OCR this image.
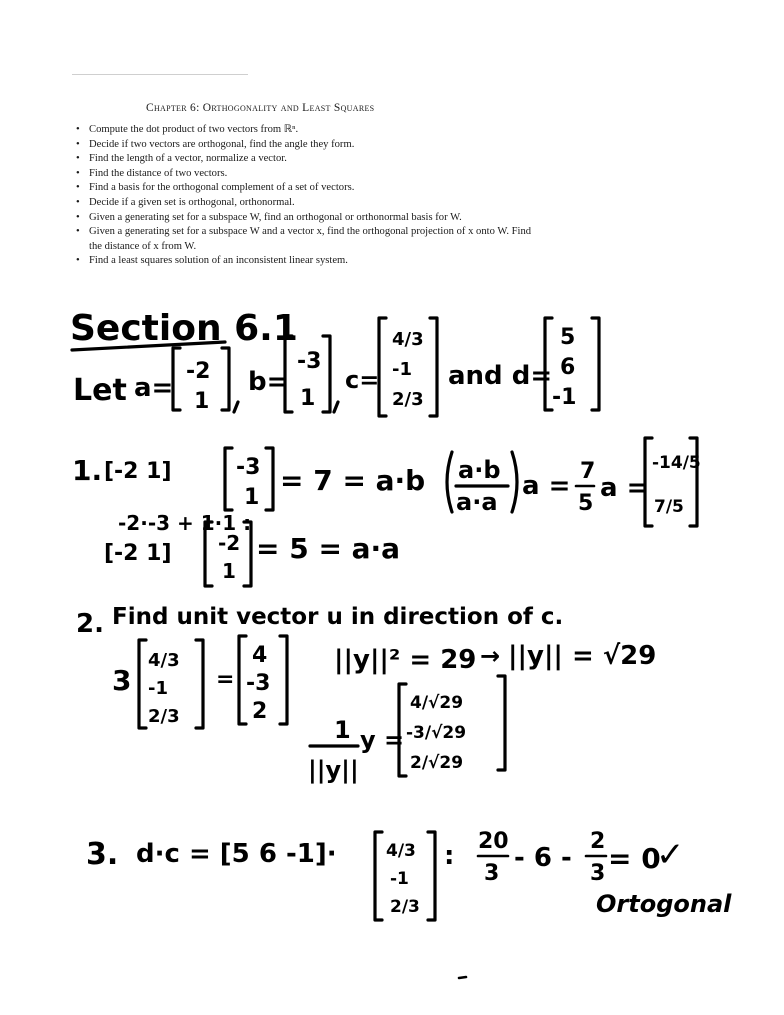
Chapter 6: Orthogonality and Least Squares
• Compute the dot product of two vectors from ℝⁿ.
• Decide if two vectors are orthogonal, find the angle they form.
• Find the length of a vector, normalize a vector.
• Find the distance of two vectors.
• Find a basis for the orthogonal complement of a set of vectors.
• Decide if a given set is orthogonal, orthonormal.
• Given a generating set for a subspace W, find an orthogonal or orthonormal basis for W.
• Given a generating set for a subspace W and a vector x, find the orthogonal projection of x onto W. Find the distance of x from W.
• Find a least squares solution of an inconsistent linear system.
Section 6.1
Let a=
-2
1
b=
-3
1
c=
4/3
-1
2/3
and d=
5
6
-1
1. [-2 1]	-3
1
= 7 = a·b
-2·-3 + 1·1 :
[-2 1] -2
1
= 5 = a·a
a·b
a·a
a = 7
5
a =
-14/5
7/5
2. Find unit vector u in direction of c.
3
4/3
-1
2/3
=
4
-3
2
||y||² = 29 → ||y|| = √29
1
||y||
y =
4/√29
-3/√29
2/√29
3. d·c = [5 6 -1]·	4/3
-1
2/3
: 20
3
- 6 -
2
3 = 0
✓
Ortogonal
